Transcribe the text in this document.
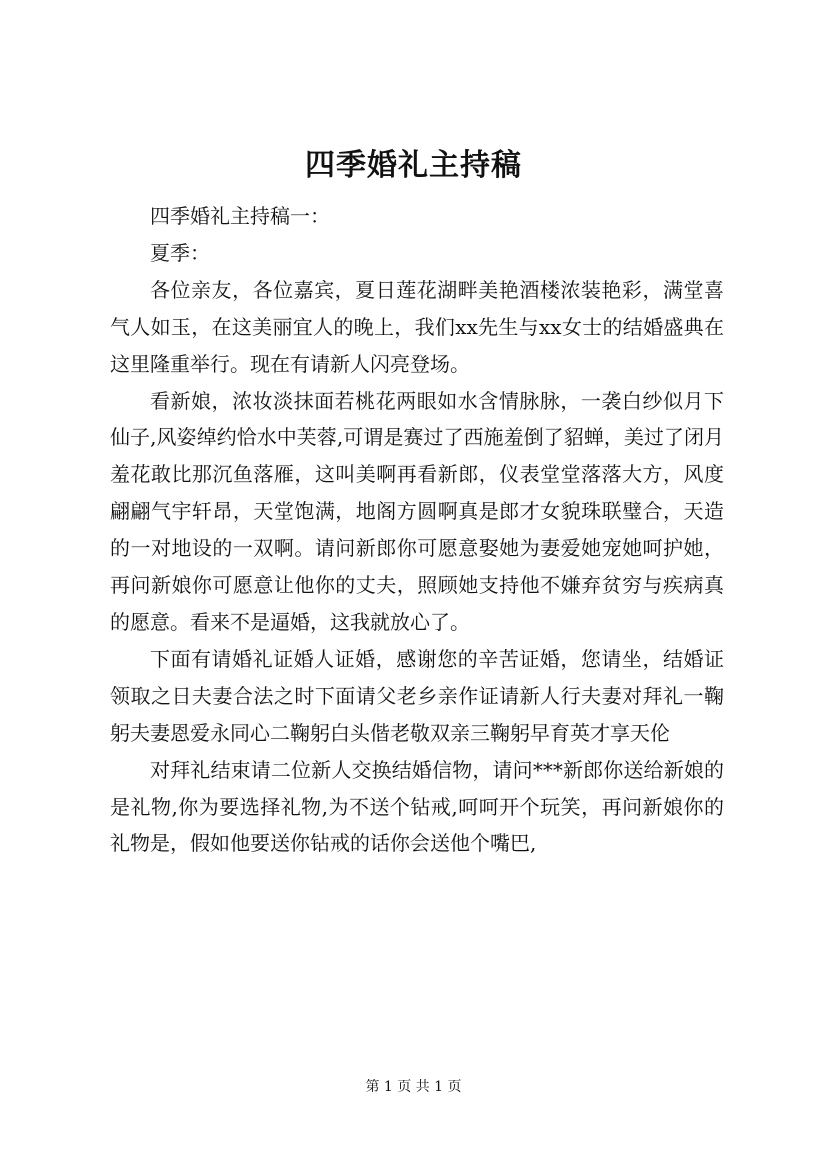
四季婚礼主持稿

四季婚礼主持稿一：

夏季：

各位亲友，各位嘉宾，夏日莲花湖畔美艳酒楼浓装艳彩，满堂喜气人如玉，在这美丽宜人的晚上，我们xx先生与xx女士的结婚盛典在这里隆重举行。现在有请新人闪亮登场。

看新娘，浓妆淡抹面若桃花两眼如水含情脉脉，一袭白纱似月下仙子,风姿绰约恰水中芙蓉,可谓是赛过了西施羞倒了貂蝉，美过了闭月羞花敢比那沉鱼落雁，这叫美啊再看新郎，仪表堂堂落落大方，风度翩翩气宇轩昂，天堂饱满，地阁方圆啊真是郎才女貌珠联璧合，天造的一对地设的一双啊。请问新郎你可愿意娶她为妻爱她宠她呵护她，再问新娘你可愿意让他你的丈夫，照顾她支持他不嫌弃贫穷与疾病真的愿意。看来不是逼婚，这我就放心了。

下面有请婚礼证婚人证婚，感谢您的辛苦证婚，您请坐，结婚证领取之日夫妻合法之时下面请父老乡亲作证请新人行夫妻对拜礼一鞠躬夫妻恩爱永同心二鞠躬白头偕老敬双亲三鞠躬早育英才享天伦

对拜礼结束请二位新人交换结婚信物，请问***新郎你送给新娘的是礼物,你为要选择礼物,为不送个钻戒,呵呵开个玩笑，再问新娘你的礼物是，假如他要送你钻戒的话你会送他个嘴巴,

第 1 页 共 1 页
